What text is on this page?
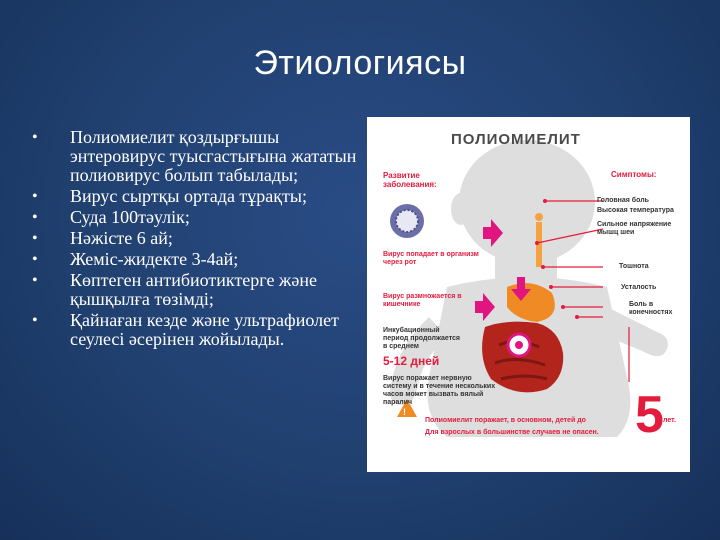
Этиологиясы
• Полиомиелит қоздырғышы энтеровирус туысгастығына жататын полиовирус болып табылады;
• Вирус сыртқы ортада тұрақты;
• Суда 100тәулік;
• Нәжісте 6 ай;
• Жеміс-жидекте 3-4ай;
• Көптеген антибиотиктерге және қышқылға төзімді;
• Қайнаған кезде және ультрафиолет сеулесі әсерінен жойылады.
ПОЛИОМИЕЛИТ
Развитие заболевания:
Симптомы:
Головная боль
Высокая температура
Сильное напряжение мышц шеи
Тошнота
Усталость
Боль в конечностях
Вирус попадает в организм через рот
Вирус размножается в кишечнике
Инкубационный период продолжается в среднем
5-12 дней
Вирус поражает нервную систему и в течение нескольких часов может вызвать вялый паралич
!
Полиомиелит поражает, в основном, детей до 5 лет.
Для взрослых в большинстве случаев не опасен.
